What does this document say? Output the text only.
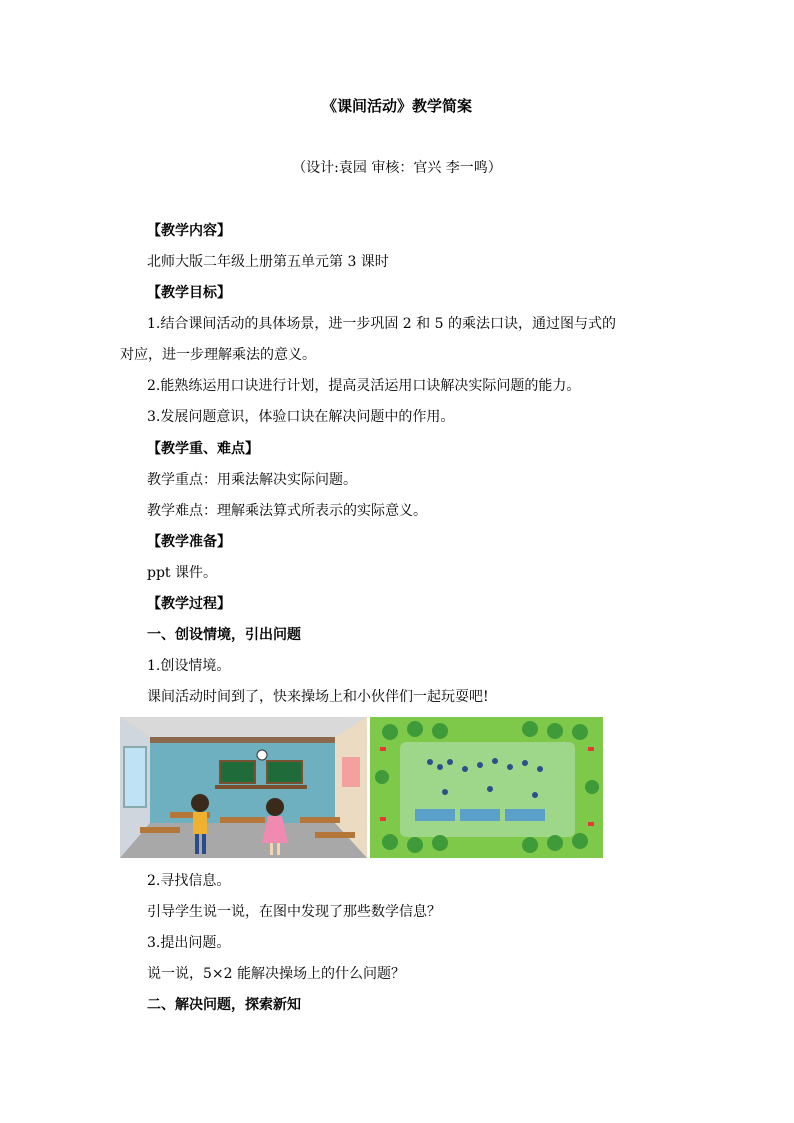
《课间活动》教学简案
（设计:袁园 审核：官兴 李一鸣）
【教学内容】
北师大版二年级上册第五单元第 3 课时
【教学目标】
1.结合课间活动的具体场景，进一步巩固 2 和 5 的乘法口诀，通过图与式的
对应，进一步理解乘法的意义。
2.能熟练运用口诀进行计划，提高灵活运用口诀解决实际问题的能力。
3.发展问题意识，体验口诀在解决问题中的作用。
【教学重、难点】
教学重点：用乘法解决实际问题。
教学难点：理解乘法算式所表示的实际意义。
【教学准备】
ppt 课件。
【教学过程】
一、创设情境，引出问题
1.创设情境。
课间活动时间到了，快来操场上和小伙伴们一起玩耍吧!
2.寻找信息。
引导学生说一说，在图中发现了那些数学信息？
3.提出问题。
说一说，5×2 能解决操场上的什么问题？
二、解决问题，探索新知
